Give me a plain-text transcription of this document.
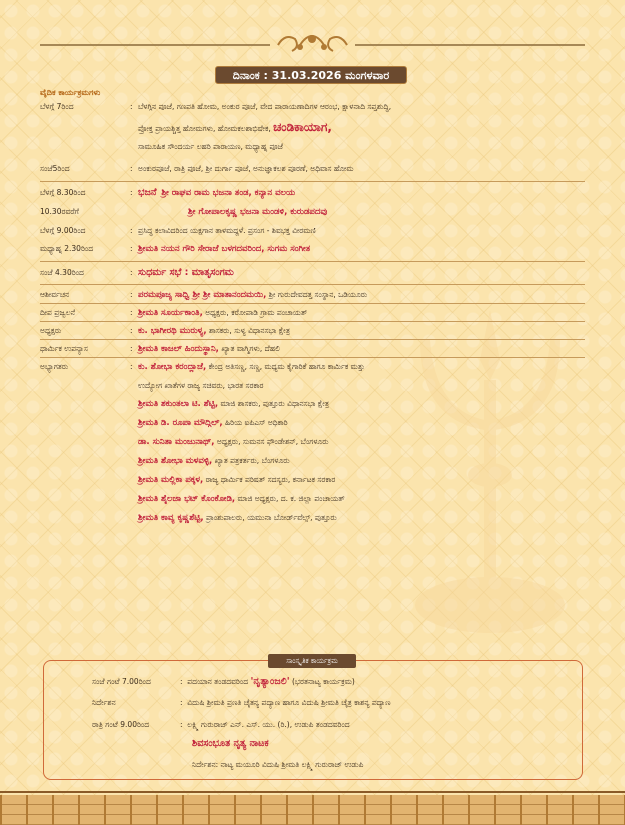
ದಿನಾಂಕ : 31.03.2026 ಮಂಗಳವಾರ
ವೈದಿಕ ಕಾರ್ಯಕ್ರಮಗಳು
ಬೆಳಗ್ಗೆ 7ರಿಂದ	: ಬೆಳಗ್ಗಿನ ಪೂಜೆ, ಗಣಪತಿ ಹೋಮ, ಅಂಕುರ ಪೂಜೆ, ವೇದ ಪಾರಾಯಣಾದಿಗಳ ಆರಂಭ, ಕ್ಷಾಳನಾದಿ ಸಪ್ತಶುದ್ಧಿ,
ಪ್ರೋಕ್ತ ಪ್ರಾಯಶ್ಚಿತ್ತ ಹೋಮಗಳು, ಹೋಮಕಲಶಾಭಿಷೇಕ, ಚಂಡಿಕಾಯಾಗ,
ಸಾಮೂಹಿಕ ಸೌಂದರ್ಯ ಲಹರಿ ಪಾರಾಯಣ, ಮಧ್ಯಾಹ್ನ ಪೂಜೆ
ಸಂಜೆ5ರಿಂದ	: ಅಂಕುರಪೂಜೆ, ರಾತ್ರಿ ಪೂಜೆ, ಶ್ರೀ ದುರ್ಗಾ ಪೂಜೆ, ಅನುಜ್ಞಾಕಲಶ ಪೂರಣೆ, ಅಧಿವಾಸ ಹೋಮ
ಬೆಳಗ್ಗೆ 8.30ರಿಂದ	: ಭಜನೆ ಶ್ರೀ ರಾಘವ ರಾಮ ಭಜನಾ ತಂಡ, ಕನ್ಯಾನ ವಲಯ
10.30ರವರೆಗೆ	ಶ್ರೀ ಗೋಪಾಲಕೃಷ್ಣ ಭಜನಾ ಮಂಡಳಿ, ಕುರುಡಪದವು
ಬೆಳಗ್ಗೆ 9.00ರಿಂದ	: ಪ್ರಸಿದ್ಧ ಕಲಾವಿದರಿಂದ ಯಕ್ಷಗಾನ ತಾಳಮದ್ದಳೆ. ಪ್ರಸಂಗ - ಶಿವಭಕ್ತ ವೀರಮಣಿ
ಮಧ್ಯಾಹ್ನ 2.30ರಿಂದ	: ಶ್ರೀಮತಿ ನಯನ ಗೌರಿ ಸೇರಾಜೆ ಬಳಗದವರಿಂದ, ಸುಗಮ ಸಂಗೀತ
ಸಂಜೆ 4.30ರಿಂದ	: ಸುಧರ್ಮ ಸಭೆ : ಮಾತೃಸಂಗಮ
ಆಶೀರ್ವಚನ	: ಪರಮಪೂಜ್ಯ ಸಾಧ್ವಿ ಶ್ರೀ ಶ್ರೀ ಮಾತಾನಂದಮಯಿ, ಶ್ರೀ ಗುರುದೇವದತ್ತ ಸಂಸ್ಥಾನ, ಒಡಿಯೂರು
ದೀಪ ಪ್ರಜ್ವಲನೆ	: ಶ್ರೀಮತಿ ಸೂರ್ಯಕಾಂತಿ, ಅಧ್ಯಕ್ಷರು, ಕರೋಪಾಡಿ ಗ್ರಾಮ ಪಂಚಾಯತ್
ಅಧ್ಯಕ್ಷರು	: ಕು. ಭಾಗೀರಥಿ ಮುರುಳ್ಯ, ಶಾಸಕರು, ಸುಳ್ಯ ವಿಧಾನಸಭಾ ಕ್ಷೇತ್ರ
ಧಾರ್ಮಿಕ ಉಪನ್ಯಾಸ	: ಶ್ರೀಮತಿ ಕಾಜಲ್ ಹಿಂದುಸ್ಥಾನಿ, ಖ್ಯಾತ ವಾಗ್ಮಿಗಳು, ದೆಹಲಿ
ಅಭ್ಯಾಗತರು	: ಕು. ಶೋಭಾ ಕರಂದ್ಲಾಜೆ, ಕೇಂದ್ರ ಅತಿಸಣ್ಣ, ಸಣ್ಣ, ಮಧ್ಯಮ ಕೈಗಾರಿಕೆ ಹಾಗೂ ಕಾರ್ಮಿಕ ಮತ್ತು
ಉದ್ಯೋಗ ಖಾತೆಗಳ ರಾಜ್ಯ ಸಚಿವರು, ಭಾರತ ಸರಕಾರ
ಶ್ರೀಮತಿ ಶಕುಂತಲಾ ಟಿ. ಶೆಟ್ಟಿ, ಮಾಜಿ ಶಾಸಕರು, ಪುತ್ತೂರು ವಿಧಾನಸಭಾ ಕ್ಷೇತ್ರ
ಶ್ರೀಮತಿ ಡಿ. ರೂಪಾ ಮೌದ್ಗಿಲ್, ಹಿರಿಯ ಐಪಿಎಸ್ ಅಧಿಕಾರಿ
ಡಾ. ಸುನಿತಾ ಮಂಜುನಾಥ್, ಅಧ್ಯಕ್ಷರು, ಸುಮನಸ ಫೌಂಡೇಶನ್, ಬೆಂಗಳೂರು
ಶ್ರೀಮತಿ ಶೋಭಾ ಮಳವಳ್ಳಿ, ಖ್ಯಾತ ಪತ್ರಕರ್ತರು, ಬೆಂಗಳೂರು
ಶ್ರೀಮತಿ ಮಲ್ಲಿಕಾ ಪಕ್ಕಳ, ರಾಜ್ಯ ಧಾರ್ಮಿಕ ಪರಿಷತ್ ಸದಸ್ಯರು, ಕರ್ನಾಟಕ ಸರಕಾರ
ಶ್ರೀಮತಿ ಶೈಲಜಾ ಭಟ್ ಕೊಂಕೋಡಿ, ಮಾಜಿ ಅಧ್ಯಕ್ಷರು, ದ. ಕ. ಜಿಲ್ಲಾ ಪಂಚಾಯತ್
ಶ್ರೀಮತಿ ಕಾವ್ಯ ಕೃಷ್ಣಶೆಟ್ಟಿ, ಪ್ರಾಂಶುಪಾಲರು, ಯಮುನಾ ಬೋರ್ಡ್‌ವೆಲ್ಸ್, ಪುತ್ತೂರು
ಸಾಂಸ್ಕೃತಿಕ ಕಾರ್ಯಕ್ರಮ
ಸಂಜೆ ಗಂಟೆ 7.00ರಿಂದ	:  ಪದಯಾನ ತಂಡದವರಿಂದ 'ನೃತ್ಯಾಂಜಲಿ' (ಭರತನಾಟ್ಯ ಕಾರ್ಯಕ್ರಮ)
ನಿರ್ದೇಶನ	:  ವಿದುಷಿ ಶ್ರೀಮತಿ ಪ್ರಣತಿ ಚೈತನ್ಯ ಪದ್ಯಾಣ ಹಾಗೂ ವಿದುಷಿ ಶ್ರೀಮತಿ ಚೈತ್ರ ಕಾಶನ್ಯ ಪದ್ಯಾಣ
ರಾತ್ರಿ ಗಂಟೆ 9.00ರಿಂದ	:  ಲಕ್ಷ್ಮಿ ಗುರುರಾಜ್ ಎನ್. ಎಸ್. ಯು. (ರಿ.), ಉಡುಪಿ ತಂಡದವರಿಂದ
ಶಿವಸಂಭೂತ ನೃತ್ಯ ನಾಟಕ
ನಿರ್ದೇಶನ: ನಾಟ್ಯ ಮಯೂರಿ ವಿದುಷಿ ಶ್ರೀಮತಿ ಲಕ್ಷ್ಮಿ ಗುರುರಾಜ್ ಉಡುಪಿ
